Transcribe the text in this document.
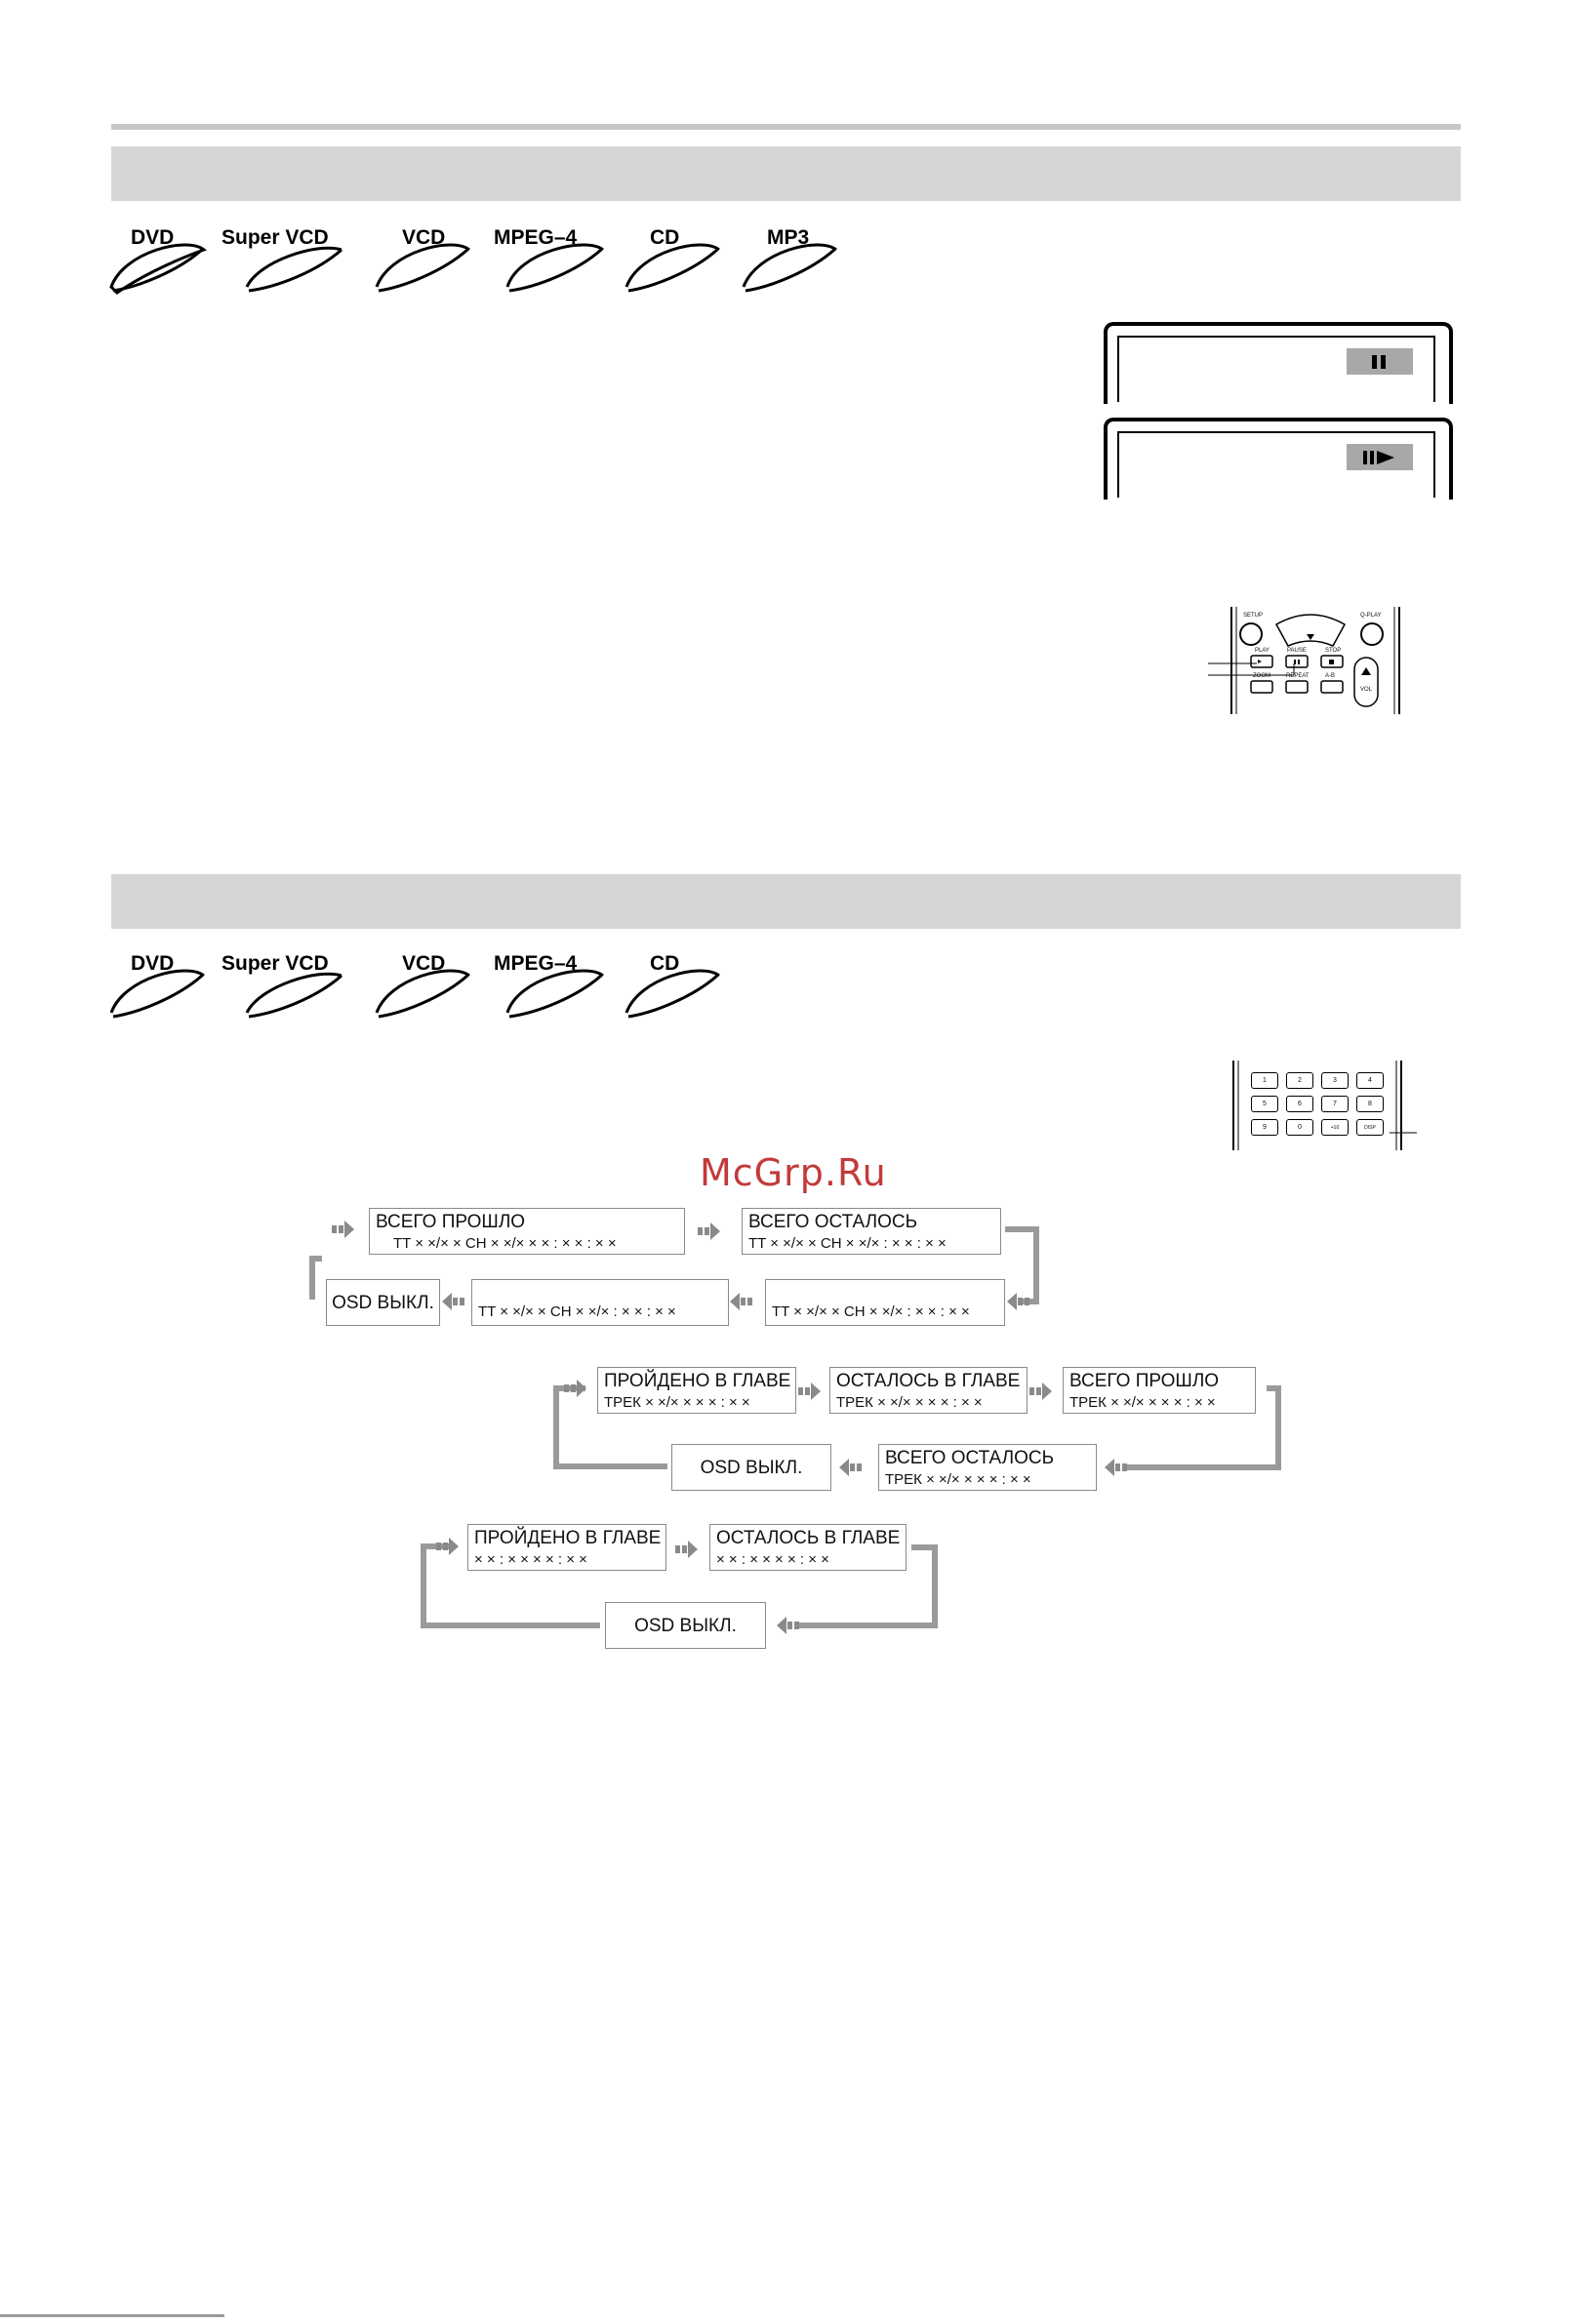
DVD Super VCD	VCD MPEG–4	CD	MP3
SETUP	Q-PLAY
PLAY	PAUSE	STOP
ZOOM	REPEAT	A-B
VOL
DVD Super VCD	VCD MPEG–4	CD
1	2	3	4
5	6	7	8
9	0	+10	DISP
McGrp.Ru
ВСЕГО ПРОШЛО
TT × ×/× × CH × ×/× × × : × × : × ×
ВСЕГО ОСТАЛОСЬ
TT × ×/× × CH × ×/× : × × : × ×
TT × ×/× × CH × ×/× : × × : × ×
TT × ×/× × CH × ×/× : × × : × ×
OSD ВЫКЛ.
ПРОЙДЕНО В ГЛАВЕ
ТРЕК × ×/× × × × : × ×
ОСТАЛОСЬ В ГЛАВЕ
ТРЕК × ×/× × × × : × ×
ВСЕГО ПРОШЛО
ТРЕК × ×/× × × × : × ×
ВСЕГО ОСТАЛОСЬ
ТРЕК × ×/× × × × : × ×
OSD ВЫКЛ.
ПРОЙДЕНО В ГЛАВЕ
× × : × × × × : × ×
ОСТАЛОСЬ В ГЛАВЕ
× × : × × × × : × ×
OSD ВЫКЛ.
